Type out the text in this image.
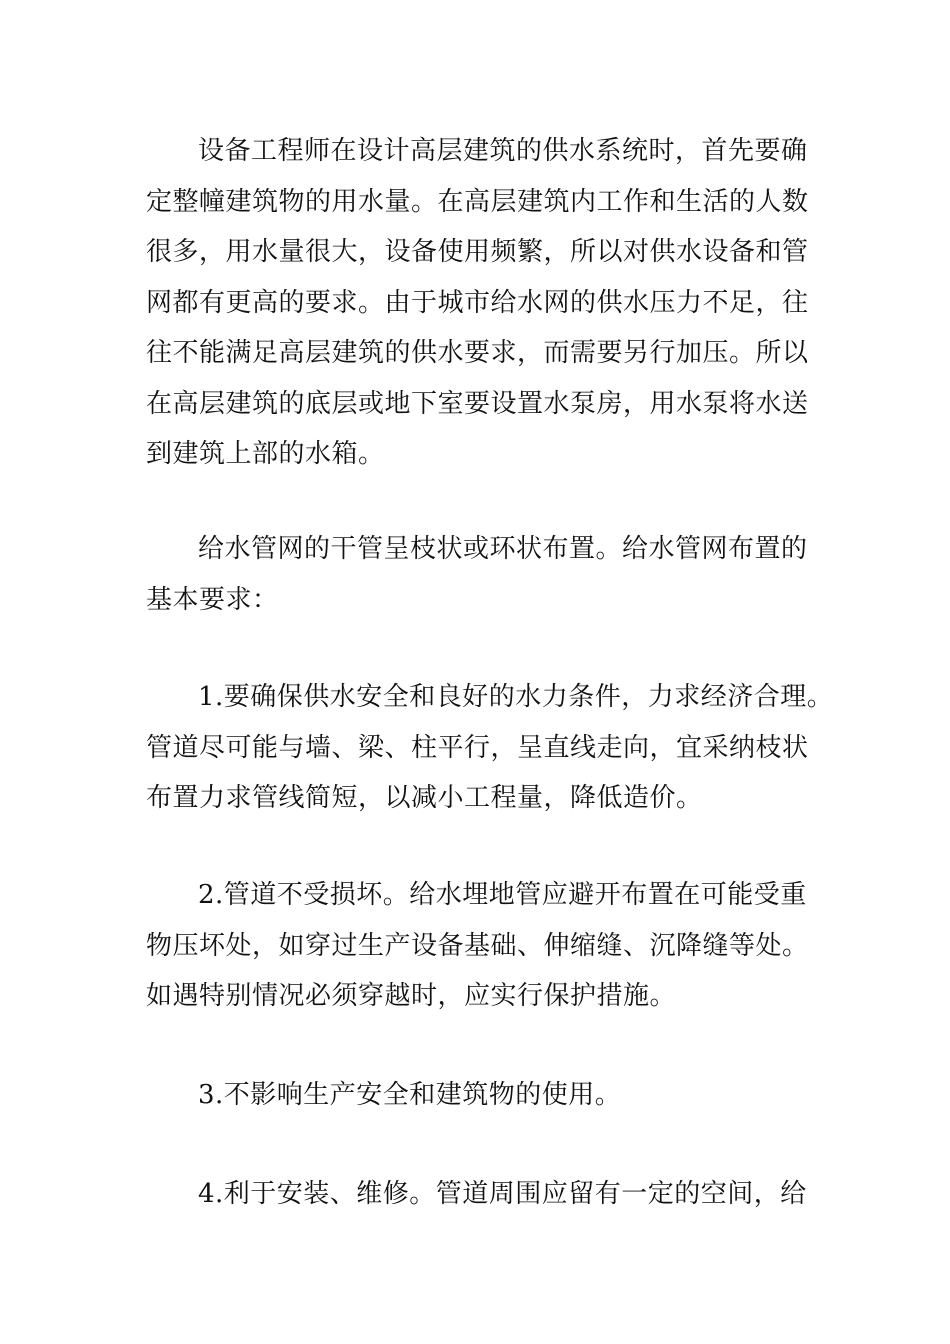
设备工程师在设计高层建筑的供水系统时，首先要确
定整幢建筑物的用水量。在高层建筑内工作和生活的人数
很多，用水量很大，设备使用频繁，所以对供水设备和管
网都有更高的要求。由于城市给水网的供水压力不足，往
往不能满足高层建筑的供水要求，而需要另行加压。所以
在高层建筑的底层或地下室要设置水泵房，用水泵将水送
到建筑上部的水箱。
给水管网的干管呈枝状或环状布置。给水管网布置的
基本要求：
1.要确保供水安全和良好的水力条件，力求经济合理。
管道尽可能与墙、梁、柱平行，呈直线走向，宜采纳枝状
布置力求管线简短，以减小工程量，降低造价。
2.管道不受损坏。给水埋地管应避开布置在可能受重
物压坏处，如穿过生产设备基础、伸缩缝、沉降缝等处。
如遇特别情况必须穿越时，应实行保护措施。
3.不影响生产安全和建筑物的使用。
4.利于安装、维修。管道周围应留有一定的空间，给
